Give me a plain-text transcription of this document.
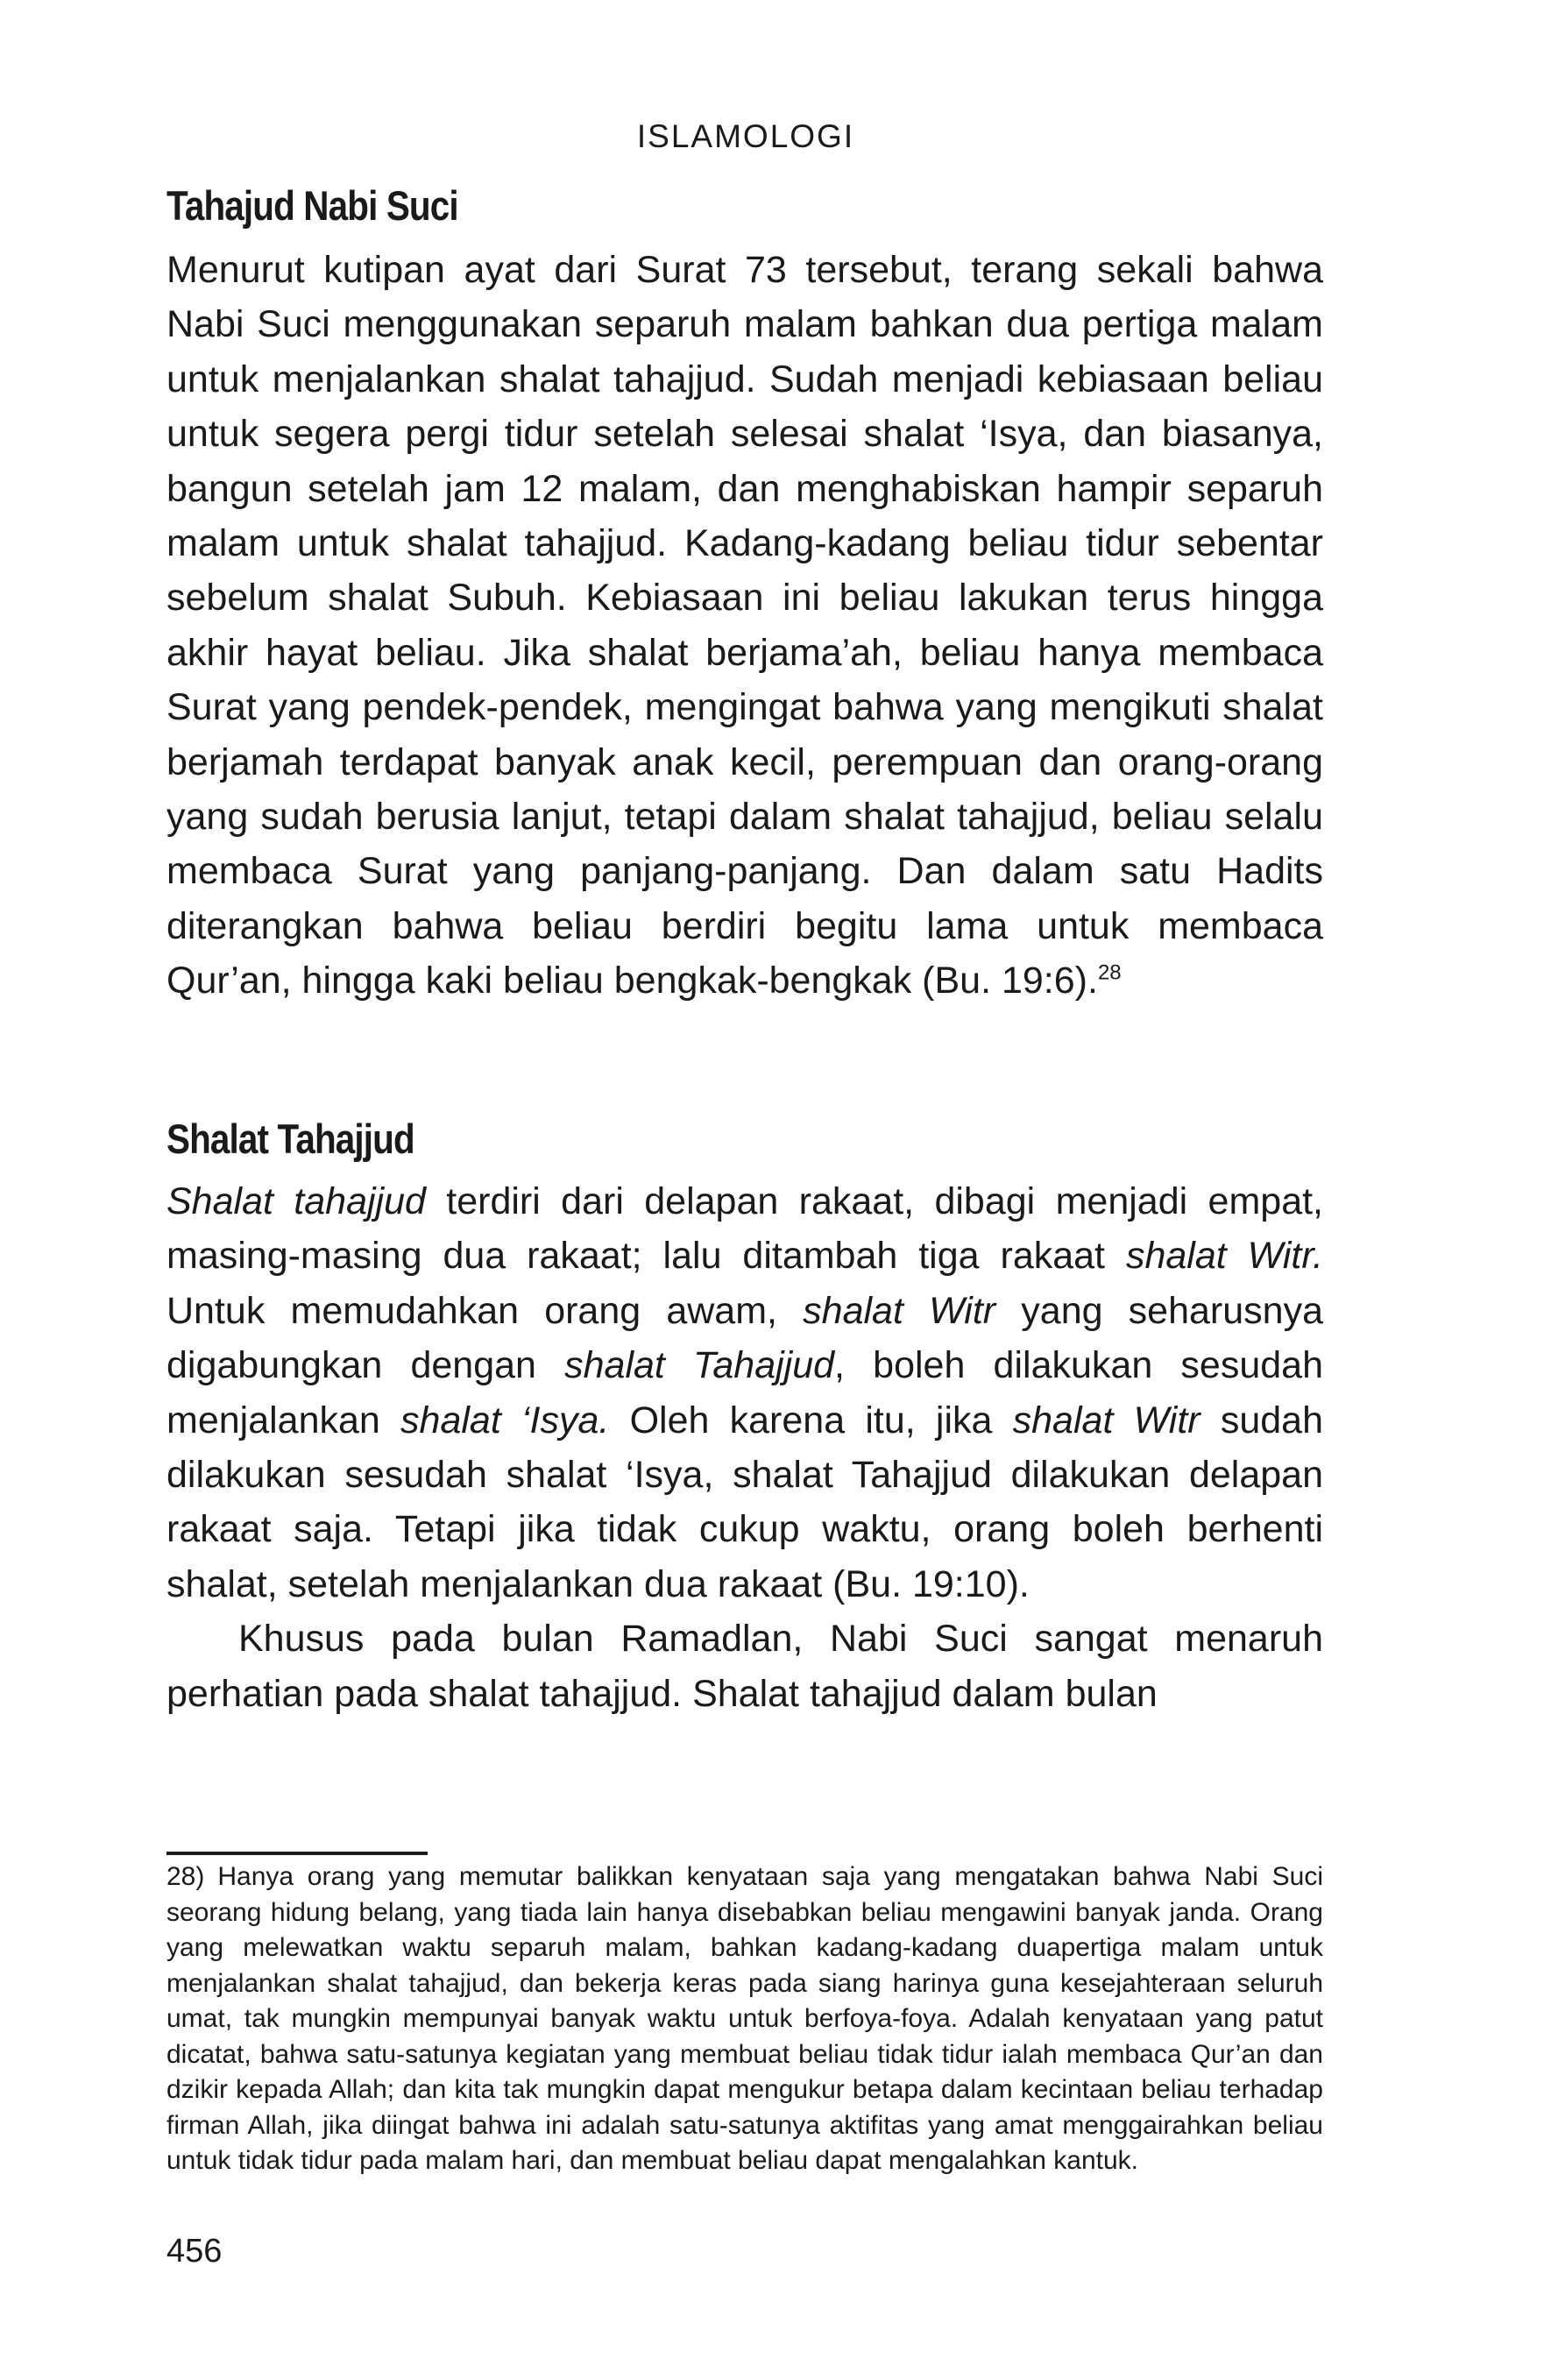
ISLAMOLOGI
Tahajud Nabi Suci

Menurut kutipan ayat dari Surat 73 tersebut, terang sekali bahwa Nabi Suci menggunakan separuh malam bahkan dua pertiga malam untuk menjalankan shalat tahajjud. Sudah menjadi kebiasaan beliau untuk segera pergi tidur setelah selesai shalat ‘Isya, dan biasanya, bangun setelah jam 12 malam, dan menghabiskan hampir separuh malam untuk shalat tahajjud. Kadang-kadang beliau tidur sebentar sebelum shalat Subuh. Kebiasaan ini beliau lakukan terus hingga akhir hayat beliau. Jika shalat berjama’ah, beliau hanya membaca Surat yang pendek-pendek, mengingat bahwa yang mengikuti shalat berjamah terdapat banyak anak kecil, perempuan dan orang-orang yang sudah berusia lanjut, tetapi dalam shalat tahajjud, beliau selalu membaca Surat yang panjang-panjang. Dan dalam satu Hadits diterangkan bahwa beliau berdiri begitu lama untuk membaca Qur’an, hingga kaki beliau bengkak-bengkak (Bu. 19:6).$^{28}$

Shalat Tahajjud

Shalat tahajjud terdiri dari delapan rakaat, dibagi menjadi empat, masing-masing dua rakaat; lalu ditambah tiga rakaat shalat Witr. Untuk memudahkan orang awam, shalat Witr yang seharusnya digabungkan dengan shalat Tahajjud, boleh dilakukan sesudah menjalankan shalat ‘Isya. Oleh karena itu, jika shalat Witr sudah dilakukan sesudah shalat ‘Isya, shalat Tahajjud dilakukan delapan rakaat saja. Tetapi jika tidak cukup waktu, orang boleh berhenti shalat, setelah menjalankan dua rakaat (Bu. 19:10).

Khusus pada bulan Ramadlan, Nabi Suci sangat menaruh perhatian pada shalat tahajjud. Shalat tahajjud dalam bulan

28) Hanya orang yang memutar balikkan kenyataan saja yang mengatakan bahwa Nabi Suci seorang hidung belang, yang tiada lain hanya disebabkan beliau mengawini banyak janda. Orang yang melewatkan waktu separuh malam, bahkan kadang-kadang duapertiga malam untuk menjalankan shalat tahajjud, dan bekerja keras pada siang harinya guna kesejahteraan seluruh umat, tak mungkin mempunyai banyak waktu untuk berfoya-foya. Adalah kenyataan yang patut dicatat, bahwa satu-satunya kegiatan yang membuat beliau tidak tidur ialah membaca Qur’an dan dzikir kepada Allah; dan kita tak mungkin dapat mengukur betapa dalam kecintaan beliau terhadap firman Allah, jika diingat bahwa ini adalah satu-satunya aktifitas yang amat menggairahkan beliau untuk tidak tidur pada malam hari, dan membuat beliau dapat mengalahkan kantuk.

456
